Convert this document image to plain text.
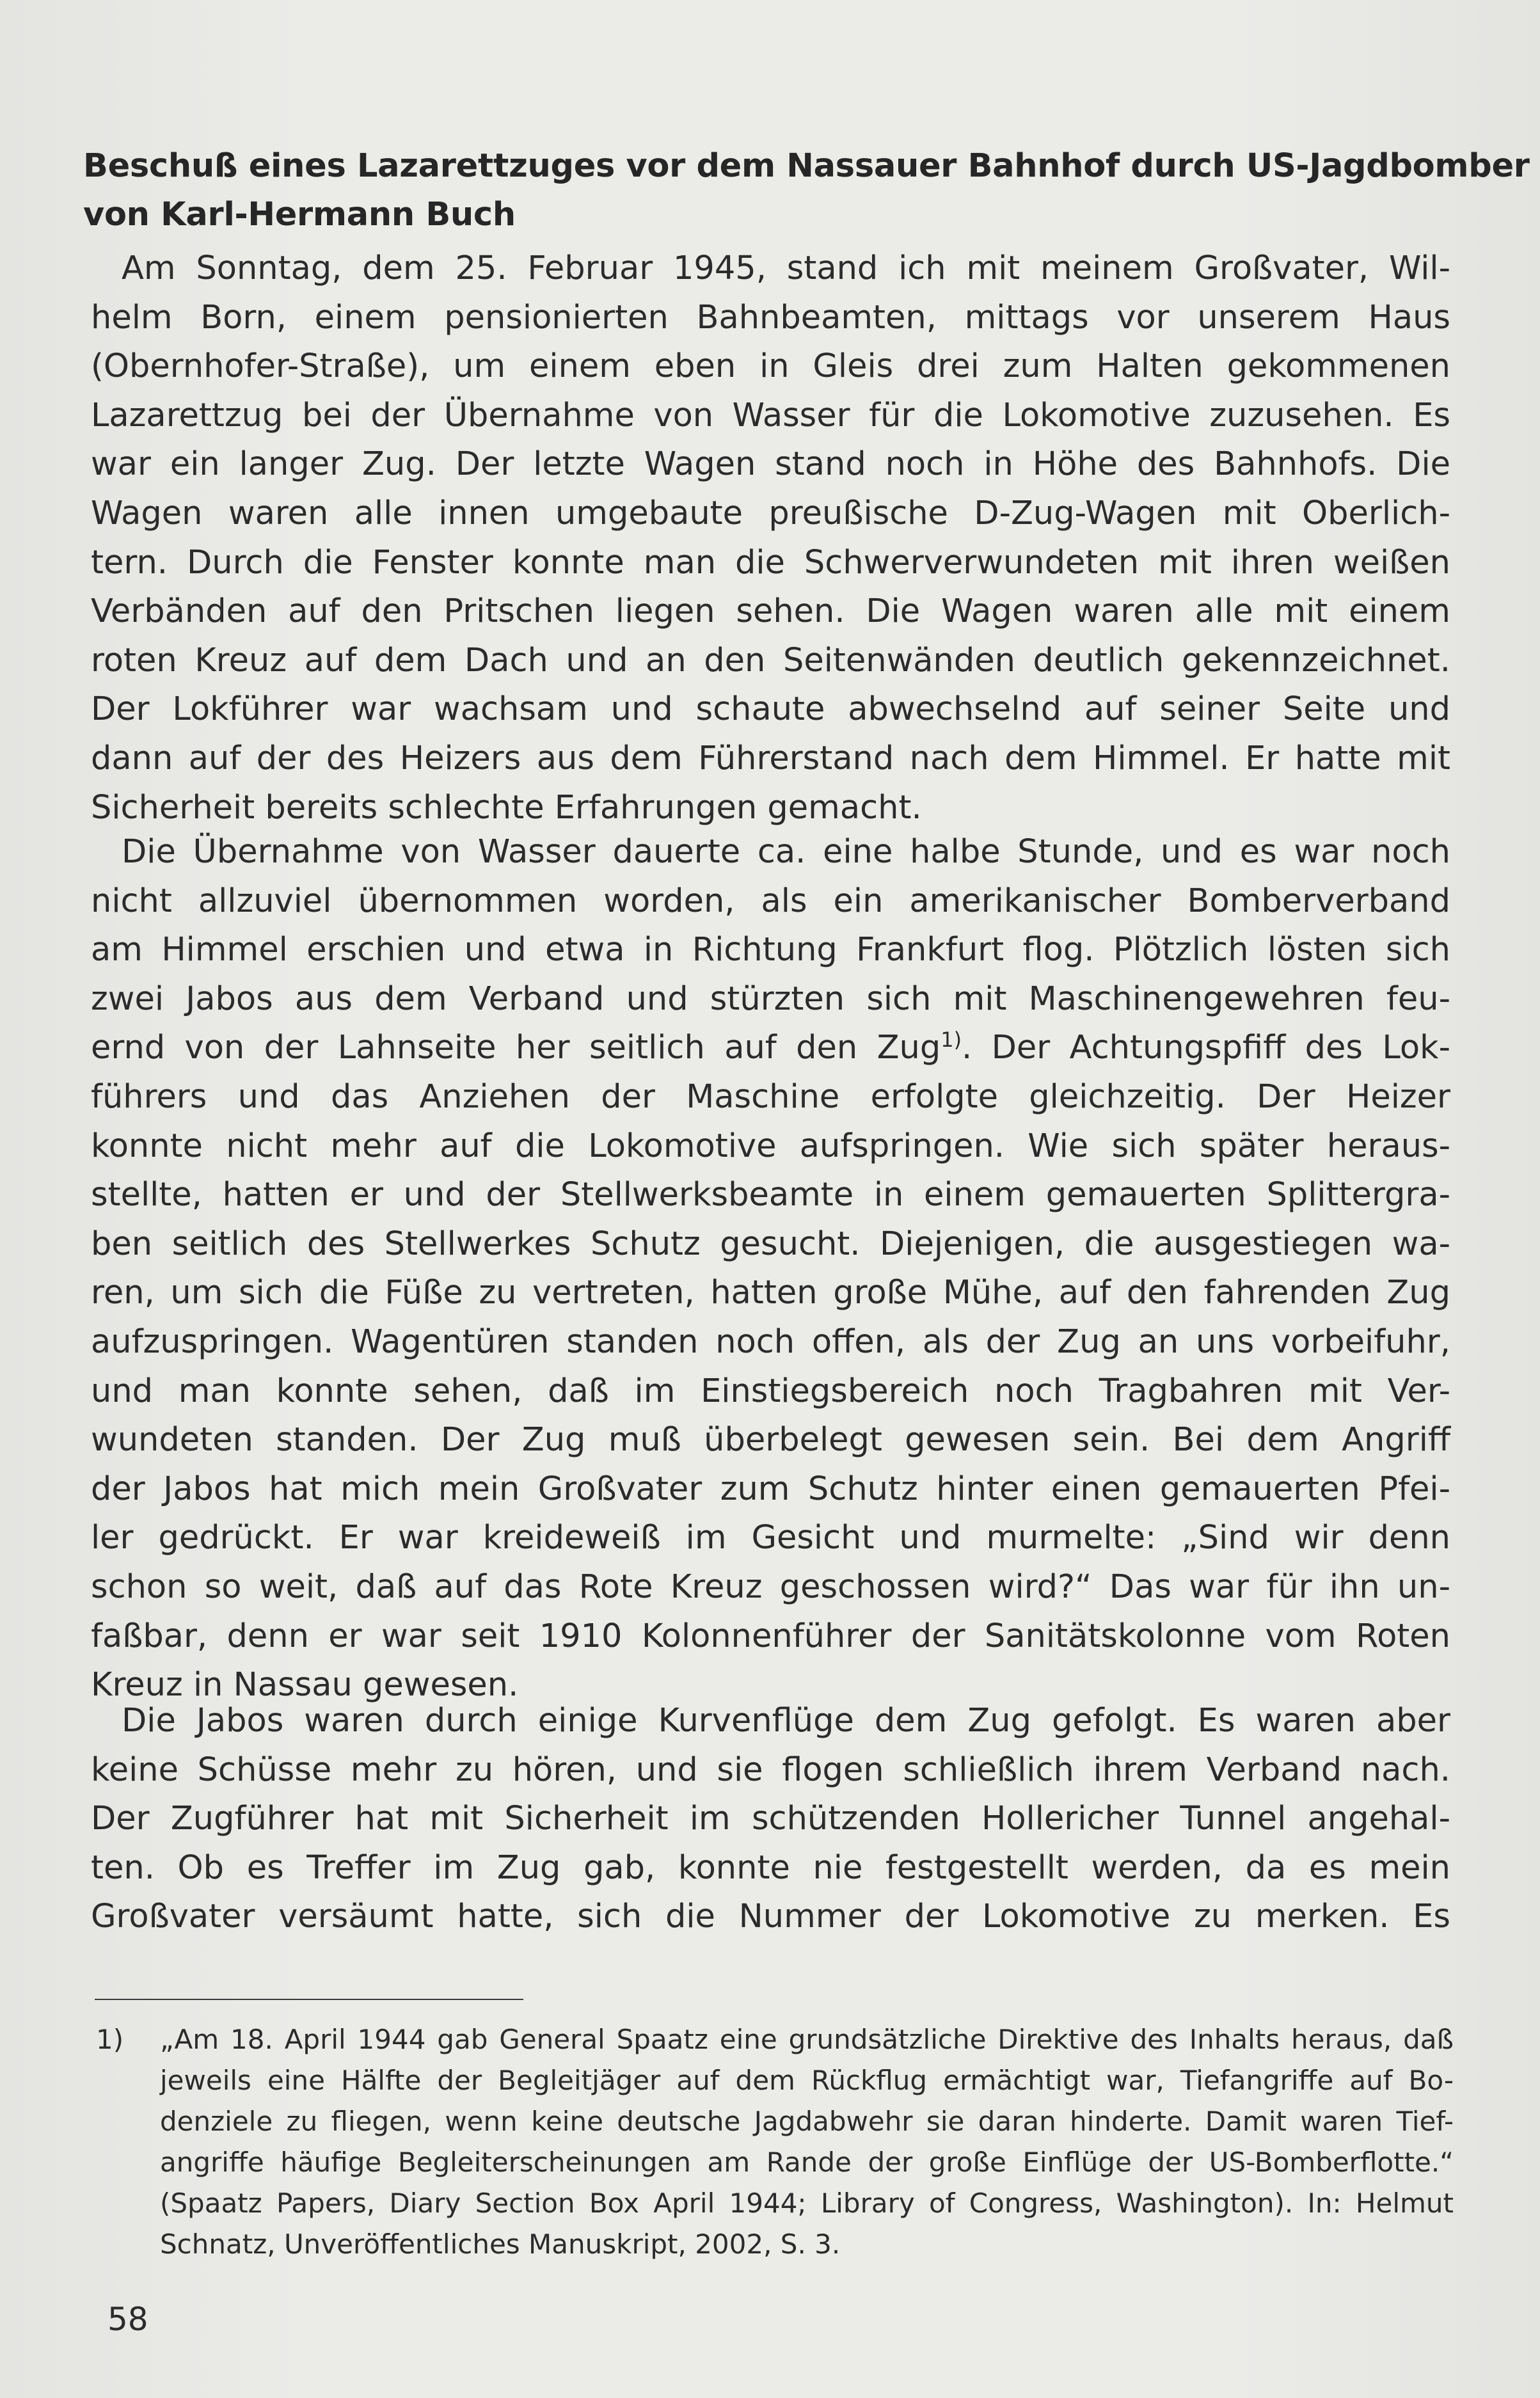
Beschuß eines Lazarettzuges vor dem Nassauer Bahnhof durch US-Jagdbomber
von Karl-Hermann Buch
Am Sonntag, dem 25. Februar 1945, stand ich mit meinem Großvater, Wil-
helm Born, einem pensionierten Bahnbeamten, mittags vor unserem Haus
(Obernhofer-Straße), um einem eben in Gleis drei zum Halten gekommenen
Lazarettzug bei der Übernahme von Wasser für die Lokomotive zuzusehen. Es
war ein langer Zug. Der letzte Wagen stand noch in Höhe des Bahnhofs. Die
Wagen waren alle innen umgebaute preußische D-Zug-Wagen mit Oberlich-
tern. Durch die Fenster konnte man die Schwerverwundeten mit ihren weißen
Verbänden auf den Pritschen liegen sehen. Die Wagen waren alle mit einem
roten Kreuz auf dem Dach und an den Seitenwänden deutlich gekennzeichnet.
Der Lokführer war wachsam und schaute abwechselnd auf seiner Seite und
dann auf der des Heizers aus dem Führerstand nach dem Himmel. Er hatte mit
Sicherheit bereits schlechte Erfahrungen gemacht.
Die Übernahme von Wasser dauerte ca. eine halbe Stunde, und es war noch
nicht allzuviel übernommen worden, als ein amerikanischer Bomberverband
am Himmel erschien und etwa in Richtung Frankfurt flog. Plötzlich lösten sich
zwei Jabos aus dem Verband und stürzten sich mit Maschinengewehren feu-
ernd von der Lahnseite her seitlich auf den Zug$^{1)}$. Der Achtungspfiff des Lok-
führers und das Anziehen der Maschine erfolgte gleichzeitig. Der Heizer
konnte nicht mehr auf die Lokomotive aufspringen. Wie sich später heraus-
stellte, hatten er und der Stellwerksbeamte in einem gemauerten Splittergra-
ben seitlich des Stellwerkes Schutz gesucht. Diejenigen, die ausgestiegen wa-
ren, um sich die Füße zu vertreten, hatten große Mühe, auf den fahrenden Zug
aufzuspringen. Wagentüren standen noch offen, als der Zug an uns vorbeifuhr,
und man konnte sehen, daß im Einstiegsbereich noch Tragbahren mit Ver-
wundeten standen. Der Zug muß überbelegt gewesen sein. Bei dem Angriff
der Jabos hat mich mein Großvater zum Schutz hinter einen gemauerten Pfei-
ler gedrückt. Er war kreideweiß im Gesicht und murmelte: „Sind wir denn
schon so weit, daß auf das Rote Kreuz geschossen wird?“ Das war für ihn un-
faßbar, denn er war seit 1910 Kolonnenführer der Sanitätskolonne vom Roten
Kreuz in Nassau gewesen.
Die Jabos waren durch einige Kurvenflüge dem Zug gefolgt. Es waren aber
keine Schüsse mehr zu hören, und sie flogen schließlich ihrem Verband nach.
Der Zugführer hat mit Sicherheit im schützenden Hollericher Tunnel angehal-
ten. Ob es Treffer im Zug gab, konnte nie festgestellt werden, da es mein
Großvater versäumt hatte, sich die Nummer der Lokomotive zu merken. Es
1) „Am 18. April 1944 gab General Spaatz eine grundsätzliche Direktive des Inhalts heraus, daß
jeweils eine Hälfte der Begleitjäger auf dem Rückflug ermächtigt war, Tiefangriffe auf Bo-
denziele zu fliegen, wenn keine deutsche Jagdabwehr sie daran hinderte. Damit waren Tief-
angriffe häufige Begleiterscheinungen am Rande der große Einflüge der US-Bomberflotte.“
(Spaatz Papers, Diary Section Box April 1944; Library of Congress, Washington). In: Helmut
Schnatz, Unveröffentliches Manuskript, 2002, S. 3.
58
